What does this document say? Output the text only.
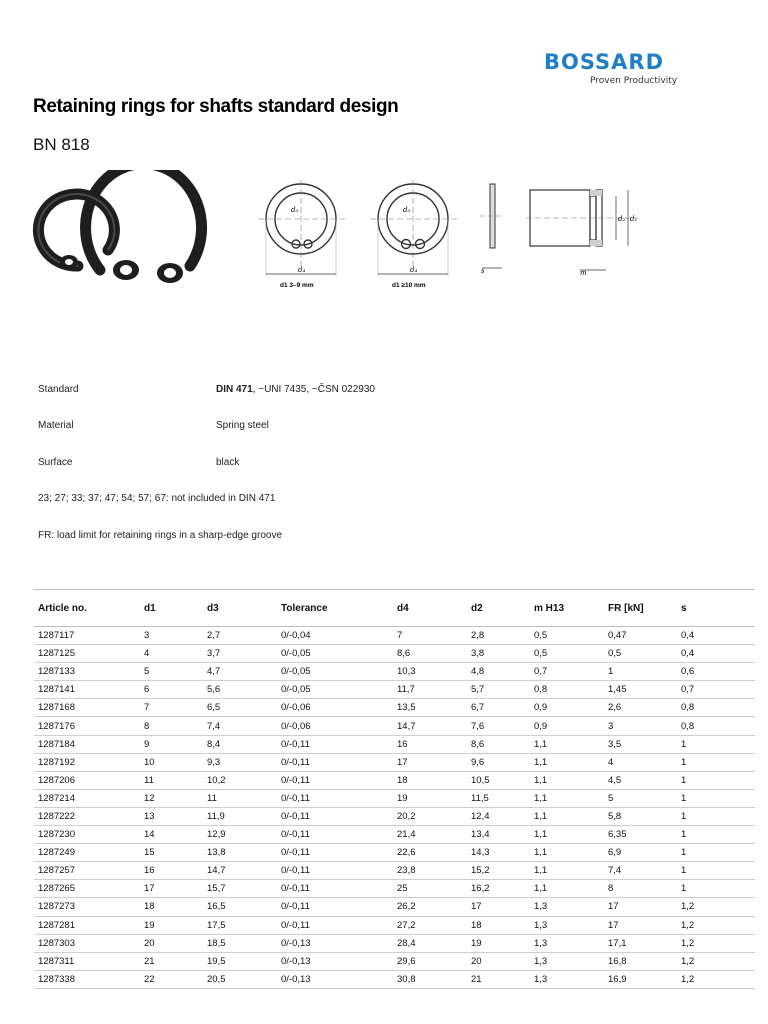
BOSSARD
Proven Productivity
Retaining rings for shafts standard design
BN 818
d₄
d₃
d1 3–9 mm
d₄
d₃
d1 ≥10 mm
s
d₂ d₁
m
Standard	DIN 471, ~UNI 7435, ~ČSN 022930
Material	Spring steel
Surface	black
23; 27; 33; 37; 47; 54; 57; 67: not included in DIN 471
FR: load limit for retaining rings in a sharp-edge groove
Article no.	d1	d3	Tolerance	d4	d2	m H13	FR [kN]	s
1287117	3	2,7	0/-0,04	7	2,8	0,5	0,47	0,4
1287125	4	3,7	0/-0,05	8,6	3,8	0,5	0,5	0,4
1287133	5	4,7	0/-0,05	10,3	4,8	0,7	1	0,6
1287141	6	5,6	0/-0,05	11,7	5,7	0,8	1,45	0,7
1287168	7	6,5	0/-0,06	13,5	6,7	0,9	2,6	0,8
1287176	8	7,4	0/-0,06	14,7	7,6	0,9	3	0,8
1287184	9	8,4	0/-0,11	16	8,6	1,1	3,5	1
1287192	10	9,3	0/-0,11	17	9,6	1,1	4	1
1287206	11	10,2	0/-0,11	18	10,5	1,1	4,5	1
1287214	12	11	0/-0,11	19	11,5	1,1	5	1
1287222	13	11,9	0/-0,11	20,2	12,4	1,1	5,8	1
1287230	14	12,9	0/-0,11	21,4	13,4	1,1	6,35	1
1287249	15	13,8	0/-0,11	22,6	14,3	1,1	6,9	1
1287257	16	14,7	0/-0,11	23,8	15,2	1,1	7,4	1
1287265	17	15,7	0/-0,11	25	16,2	1,1	8	1
1287273	18	16,5	0/-0,11	26,2	17	1,3	17	1,2
1287281	19	17,5	0/-0,11	27,2	18	1,3	17	1,2
1287303	20	18,5	0/-0,13	28,4	19	1,3	17,1	1,2
1287311	21	19,5	0/-0,13	29,6	20	1,3	16,8	1,2
1287338	22	20,5	0/-0,13	30,8	21	1,3	16,9	1,2
